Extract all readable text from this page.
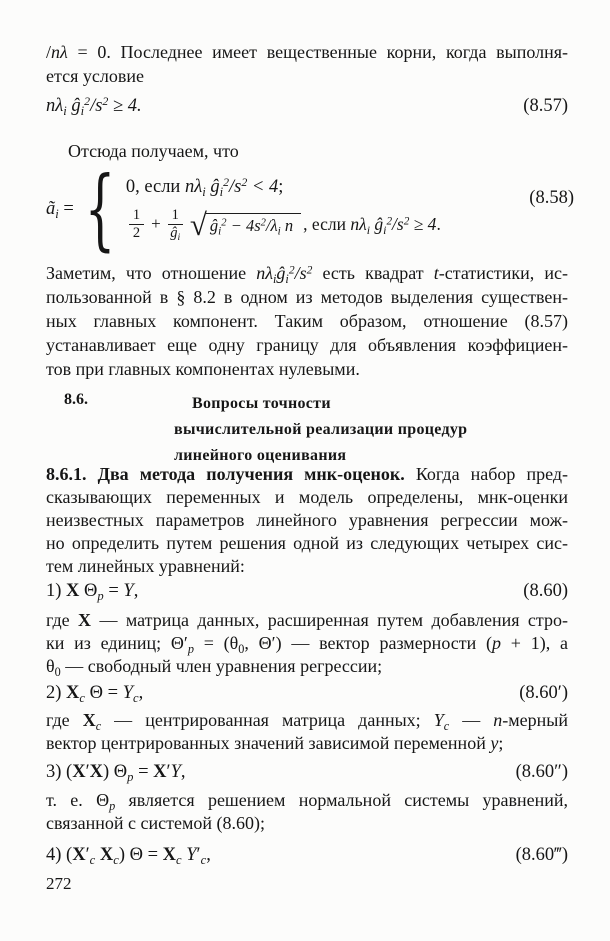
/nλ = 0. Последнее имеет вещественные корни, когда выполня-
ется условие
$n\lambda_i$ $ĝ_i^2/s^2 \ge 4$.	(8.57)
Отсюда получаем, что
$ã_i$ = { 0, если $n\lambda_i$ $ĝ_i^2/s^2 < 4$;
$\frac{1}{2} + \frac{1}{ĝ_i}$ √ $ĝ_i^2 - 4s^2/\lambda_i$ n , если $n\lambda_i$ $ĝ_i^2/s^2 \ge 4$.
(8.58)
Заметим, что отношение $n\lambda_iĝ_i^2/s^2$ есть квадрат t-статистики, ис-
пользованной в § 8.2 в одном из методов выделения существен-
ных главных компонент. Таким образом, отношение (8.57)
устанавливает еще одну границу для объявления коэффициен-
тов при главных компонентах нулевыми.
8.6.	Вопросы точности
вычислительной реализации процедур
линейного оценивания
8.6.1. Два метода получения мнк-оценок. Когда набор пред-
сказывающих переменных и модель определены, мнк-оценки
неизвестных параметров линейного уравнения регрессии мож-
но определить путем решения одной из следующих четырех сис-
тем линейных уравнений:
1) X $\Theta_p = Y$,	(8.60)
где X — матрица данных, расширенная путем добавления стро-
ки из единиц; $\Theta'_p = (\theta_0$, Θ′) — вектор размерности (p + 1), а
$\theta_0$ — свободный член уравнения регрессии;
2) $X_c$ $\Theta = Y_c$,	(8.60′)
где $X_c$ — центрированная матрица данных; $Y_c$ — n-мерный
вектор центрированных значений зависимой переменной y;
3) (X′X) $\Theta_p = X'Y$,	(8.60″)
т. е. $\Theta_p$ является решением нормальной системы уравнений,
связанной с системой (8.60);
4) ($X'_c$ $X_c$) $\Theta = X_c$ $Y'_c$,	(8.60‴)
272
